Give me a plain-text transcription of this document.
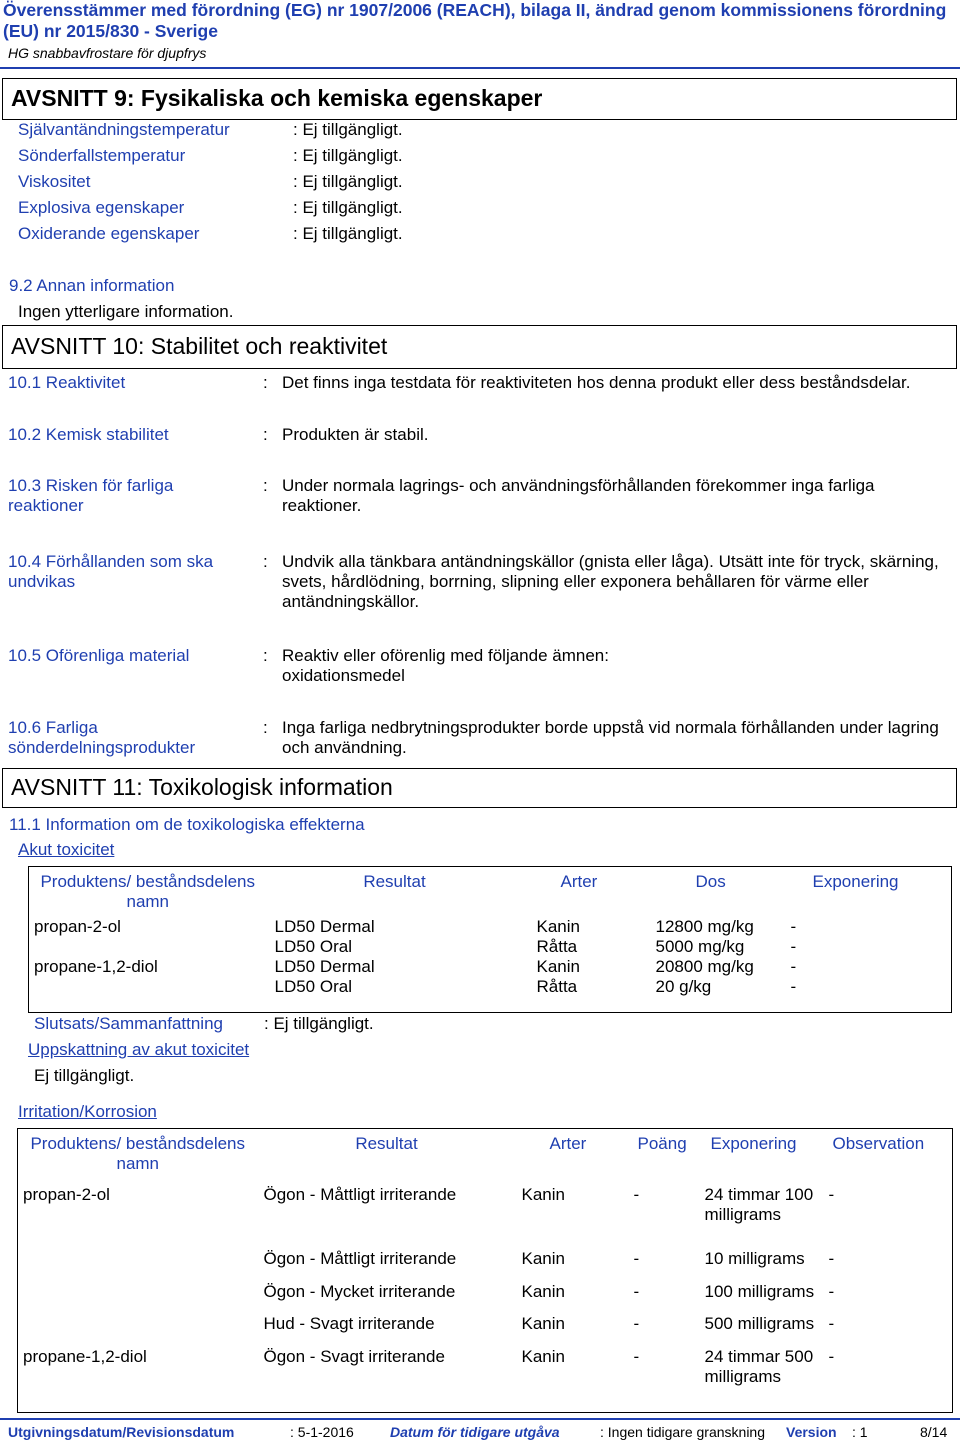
Överensstämmer med förordning (EG) nr 1907/2006 (REACH), bilaga II, ändrad genom kommissionens förordning (EU) nr 2015/830 - Sverige
HG snabbavfrostare för djupfrys
AVSNITT 9: Fysikaliska och kemiska egenskaper
Självantändningstemperatur	: Ej tillgängligt.
Sönderfallstemperatur	: Ej tillgängligt.
Viskositet	: Ej tillgängligt.
Explosiva egenskaper	: Ej tillgängligt.
Oxiderande egenskaper	: Ej tillgängligt.
9.2 Annan information
Ingen ytterligare information.
AVSNITT 10: Stabilitet och reaktivitet
10.1 Reaktivitet	: Det finns inga testdata för reaktiviteten hos denna produkt eller dess beståndsdelar.
10.2 Kemisk stabilitet	: Produkten är stabil.
10.3 Risken för farliga reaktioner
: Under normala lagrings- och användningsförhållanden förekommer inga farliga reaktioner.
10.4 Förhållanden som ska undvikas
: Undvik alla tänkbara antändningskällor (gnista eller låga). Utsätt inte för tryck, skärning, svets, hårdlödning, borrning, slipning eller exponera behållaren för värme eller antändningskällor.
10.5 Oförenliga material	: Reaktiv eller oförenlig med följande ämnen: oxidationsmedel
10.6 Farliga sönderdelningsprodukter
: Inga farliga nedbrytningsprodukter borde uppstå vid normala förhållanden under lagring och användning.
AVSNITT 11: Toxikologisk information
11.1 Information om de toxikologiska effekterna
Akut toxicitet
Produktens/ beståndsdelens namn	Resultat	Arter	Dos	Exponering
propan-2-ol	LD50 Dermal	Kanin	12800 mg/kg	-
	LD50 Oral	Råtta	5000 mg/kg	-
propane-1,2-diol	LD50 Dermal	Kanin	20800 mg/kg	-
	LD50 Oral	Råtta	20 g/kg	-
Slutsats/Sammanfattning : Ej tillgängligt.
Uppskattning av akut toxicitet
Ej tillgängligt.
Irritation/Korrosion
Produktens/ beståndsdelens namn	Resultat	Arter	Poäng	Exponering	Observation
propan-2-ol	Ögon - Måttligt irriterande	Kanin	-	24 timmar 100 milligrams	-
	Ögon - Måttligt irriterande	Kanin	-	10 milligrams	-
	Ögon - Mycket irriterande	Kanin	-	100 milligrams	-
	Hud - Svagt irriterande	Kanin	-	500 milligrams	-
propane-1,2-diol	Ögon - Svagt irriterande	Kanin	-	24 timmar 500 milligrams	-
Utgivningsdatum/Revisionsdatum	: 5-1-2016	Datum för tidigare utgåva	: Ingen tidigare granskning Version : 1	8/14
